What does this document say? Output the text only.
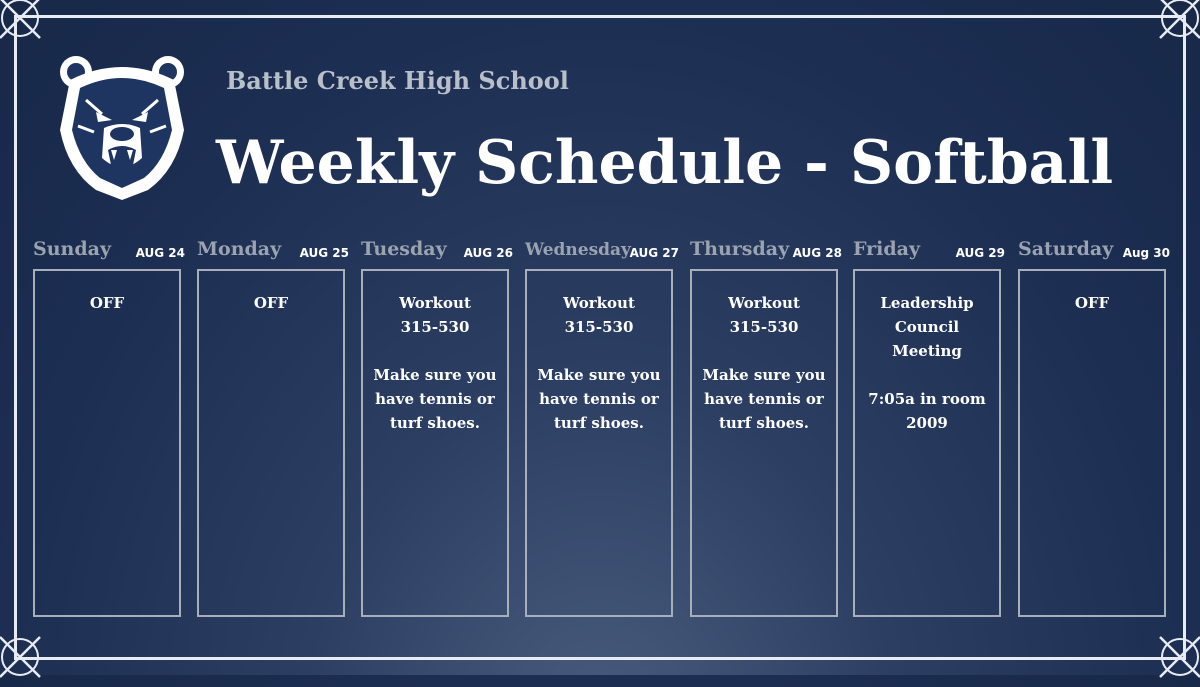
Battle Creek High School
Weekly Schedule - Softball
Sunday AUG 24
OFF
Monday AUG 25
OFF
Tuesday AUG 26
Workout
315-530

Make sure you have tennis or turf shoes.
Wednesday
AUG 27
Workout
315-530

Make sure you have tennis or turf shoes.
Thursday AUG 28
Workout
315-530

Make sure you have tennis or turf shoes.
Friday	AUG 29
Leadership Council Meeting

7:05a in room 2009
Saturday Aug 30
OFF
